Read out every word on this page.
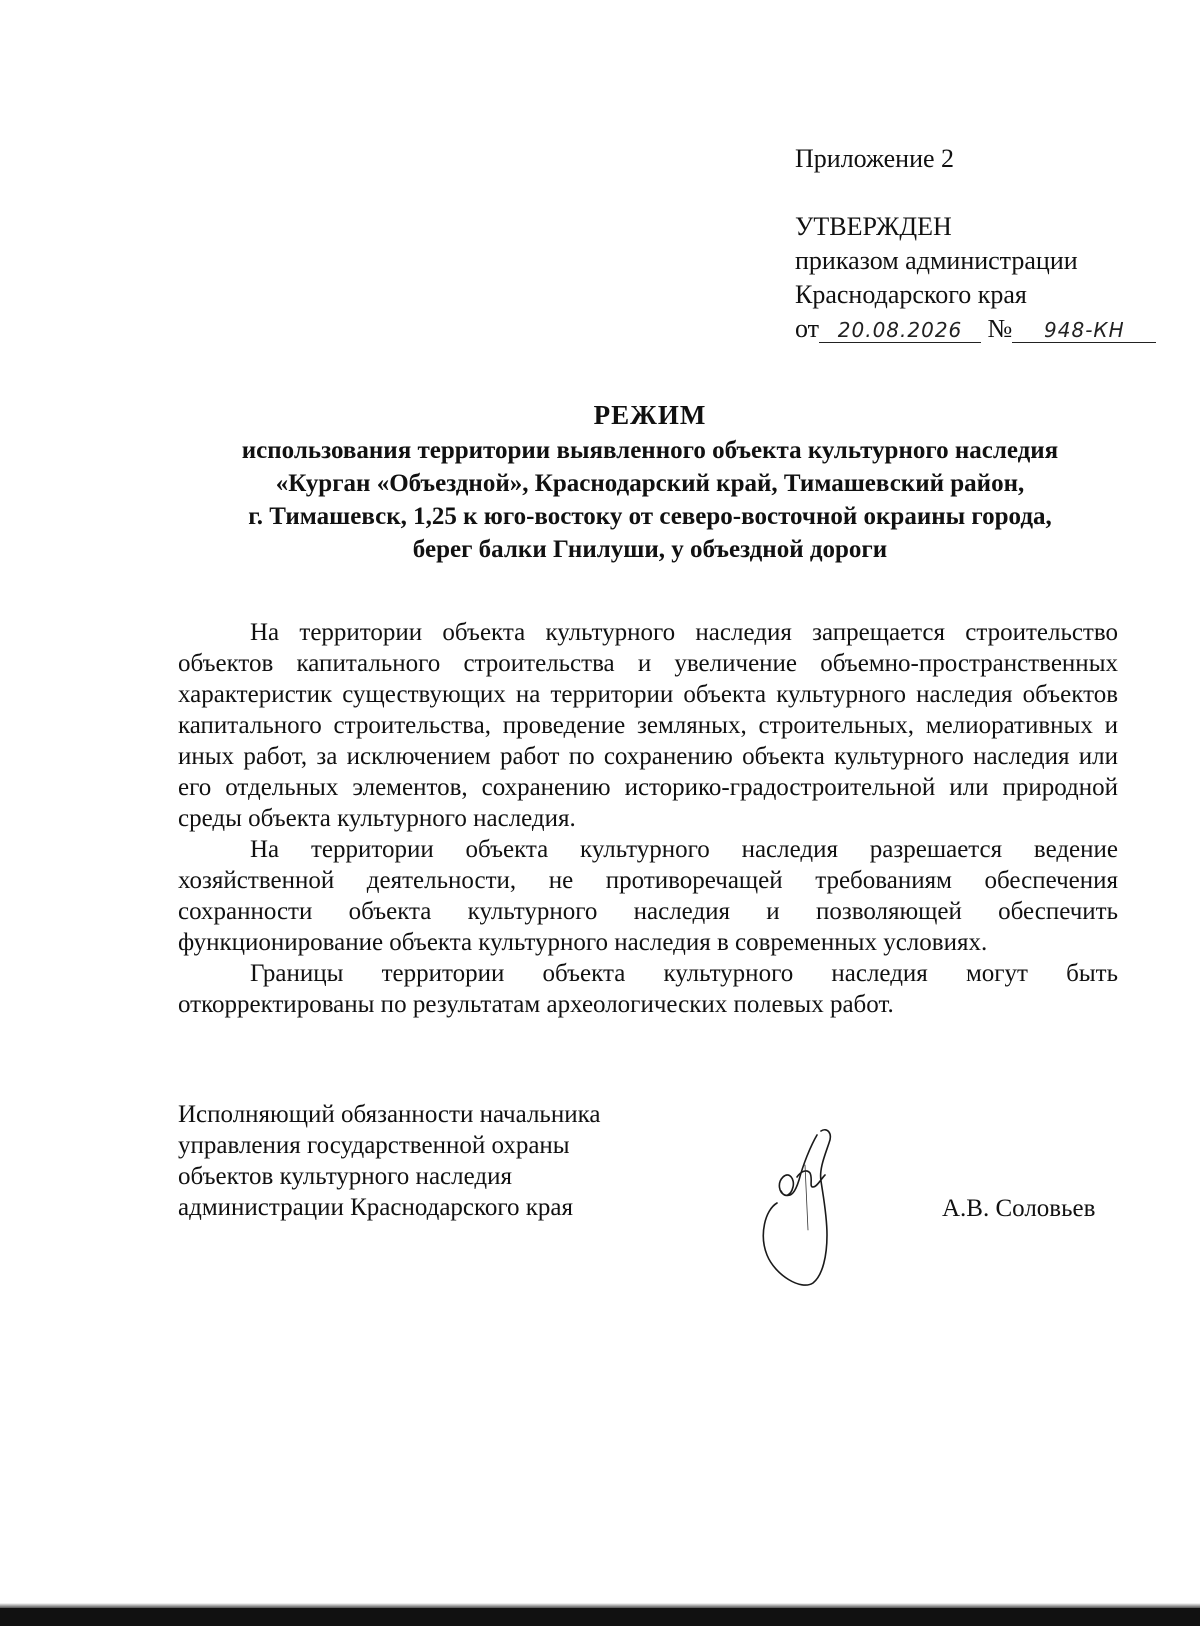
Приложение 2
УТВЕРЖДЕН
приказом администрации
Краснодарского края
от 20.08.2026 № 948-КН
РЕЖИМ
использования территории выявленного объекта культурного наследия
«Курган «Объездной», Краснодарский край, Тимашевский район,
г. Тимашевск, 1,25 к юго-востоку от северо-восточной окраины города,
берег балки Гнилуши, у объездной дороги

На территории объекта культурного наследия запрещается строительство объектов капитального строительства и увеличение объемно-пространственных характеристик существующих на территории объекта культурного наследия объектов капитального строительства, проведение земляных, строительных, мелиоративных и иных работ, за исключением работ по сохранению объекта культурного наследия или его отдельных элементов, сохранению историко-градостроительной или природной среды объекта культурного наследия.

На территории объекта культурного наследия разрешается ведение хозяйственной деятельности, не противоречащей требованиям обеспечения сохранности объекта культурного наследия и позволяющей обеспечить функционирование объекта культурного наследия в современных условиях.

Границы территории объекта культурного наследия могут быть откорректированы по результатам археологических полевых работ.

Исполняющий обязанности начальника
управления государственной охраны
объектов культурного наследия
администрации Краснодарского края	А.В. Соловьев
